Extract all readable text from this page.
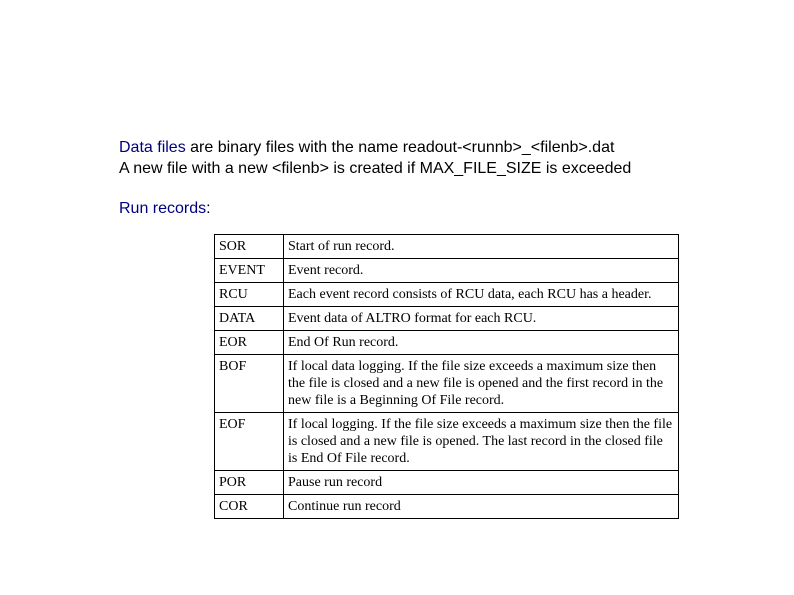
Data files are binary files with the name readout-<runnb>_<filenb>.dat
A new file with a new <filenb> is created if MAX_FILE_SIZE is exceeded
Run records:
SOR	Start of run record.
EVENT	Event record.
RCU	Each event record consists of RCU data, each RCU has a header.
DATA	Event data of ALTRO format for each RCU.
EOR	End Of Run record.
BOF	If local data logging. If the file size exceeds a maximum size then the file is closed and a new file is opened and the first record in the new file is a Beginning Of File record.
EOF	If local logging. If the file size exceeds a maximum size then the file is closed and a new file is opened. The last record in the closed file is End Of File record.
POR	Pause run record
COR	Continue run record
